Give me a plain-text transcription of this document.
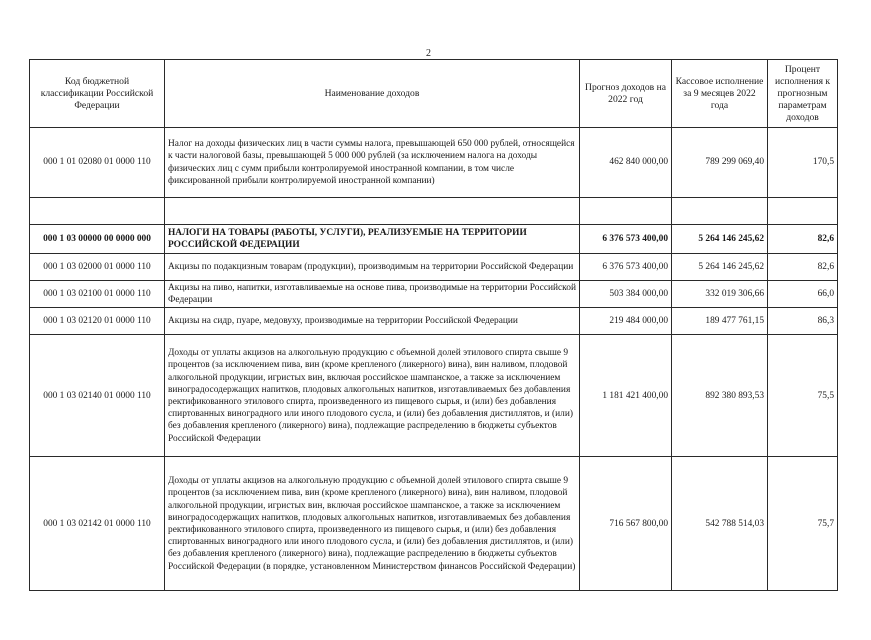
2
Код бюджетной классификации Российской Федерации	Наименование доходов	Прогноз доходов на 2022 год	Кассовое исполнение за 9 месяцев 2022 года	Процент исполнения к прогнозным параметрам доходов
000 1 01 02080 01 0000 110	Налог на доходы физических лиц в части суммы налога, превышающей 650 000 рублей, относящейся к части налоговой базы, превышающей 5 000 000 рублей (за исключением налога на доходы физических лиц с сумм прибыли контролируемой иностранной компании, в том числе фиксированной прибыли контролируемой иностранной компании)	462 840 000,00	789 299 069,40	170,5

000 1 03 00000 00 0000 000	НАЛОГИ НА ТОВАРЫ (РАБОТЫ, УСЛУГИ), РЕАЛИЗУЕМЫЕ НА ТЕРРИТОРИИ РОССИЙСКОЙ ФЕДЕРАЦИИ	6 376 573 400,00	5 264 146 245,62	82,6
000 1 03 02000 01 0000 110	Акцизы по подакцизным товарам (продукции), производимым на территории Российской Федерации	6 376 573 400,00	5 264 146 245,62	82,6
000 1 03 02100 01 0000 110	Акцизы на пиво, напитки, изготавливаемые на основе пива, производимые на территории Российской Федерации	503 384 000,00	332 019 306,66	66,0
000 1 03 02120 01 0000 110	Акцизы на сидр, пуаре, медовуху, производимые на территории Российской Федерации	219 484 000,00	189 477 761,15	86,3
000 1 03 02140 01 0000 110	Доходы от уплаты акцизов на алкогольную продукцию с объемной долей этилового спирта свыше 9 процентов (за исключением пива, вин (кроме крепленого (ликерного) вина), вин наливом, плодовой алкогольной продукции, игристых вин, включая российское шампанское, а также за исключением виноградосодержащих напитков, плодовых алкогольных напитков, изготавливаемых без добавления ректификованного этилового спирта, произведенного из пищевого сырья, и (или) без добавления спиртованных виноградного или иного плодового сусла, и (или) без добавления дистиллятов, и (или) без добавления крепленого (ликерного) вина), подлежащие распределению в бюджеты субъектов Российской Федерации	1 181 421 400,00	892 380 893,53	75,5
000 1 03 02142 01 0000 110	Доходы от уплаты акцизов на алкогольную продукцию с объемной долей этилового спирта свыше 9 процентов (за исключением пива, вин (кроме крепленого (ликерного) вина), вин наливом, плодовой алкогольной продукции, игристых вин, включая российское шампанское, а также за исключением виноградосодержащих напитков, плодовых алкогольных напитков, изготавливаемых без добавления ректификованного этилового спирта, произведенного из пищевого сырья, и (или) без добавления спиртованных виноградного или иного плодового сусла, и (или) без добавления дистиллятов, и (или) без добавления крепленого (ликерного) вина), подлежащие распределению в бюджеты субъектов Российской Федерации (в порядке, установленном Министерством финансов Российской Федерации)	716 567 800,00	542 788 514,03	75,7
